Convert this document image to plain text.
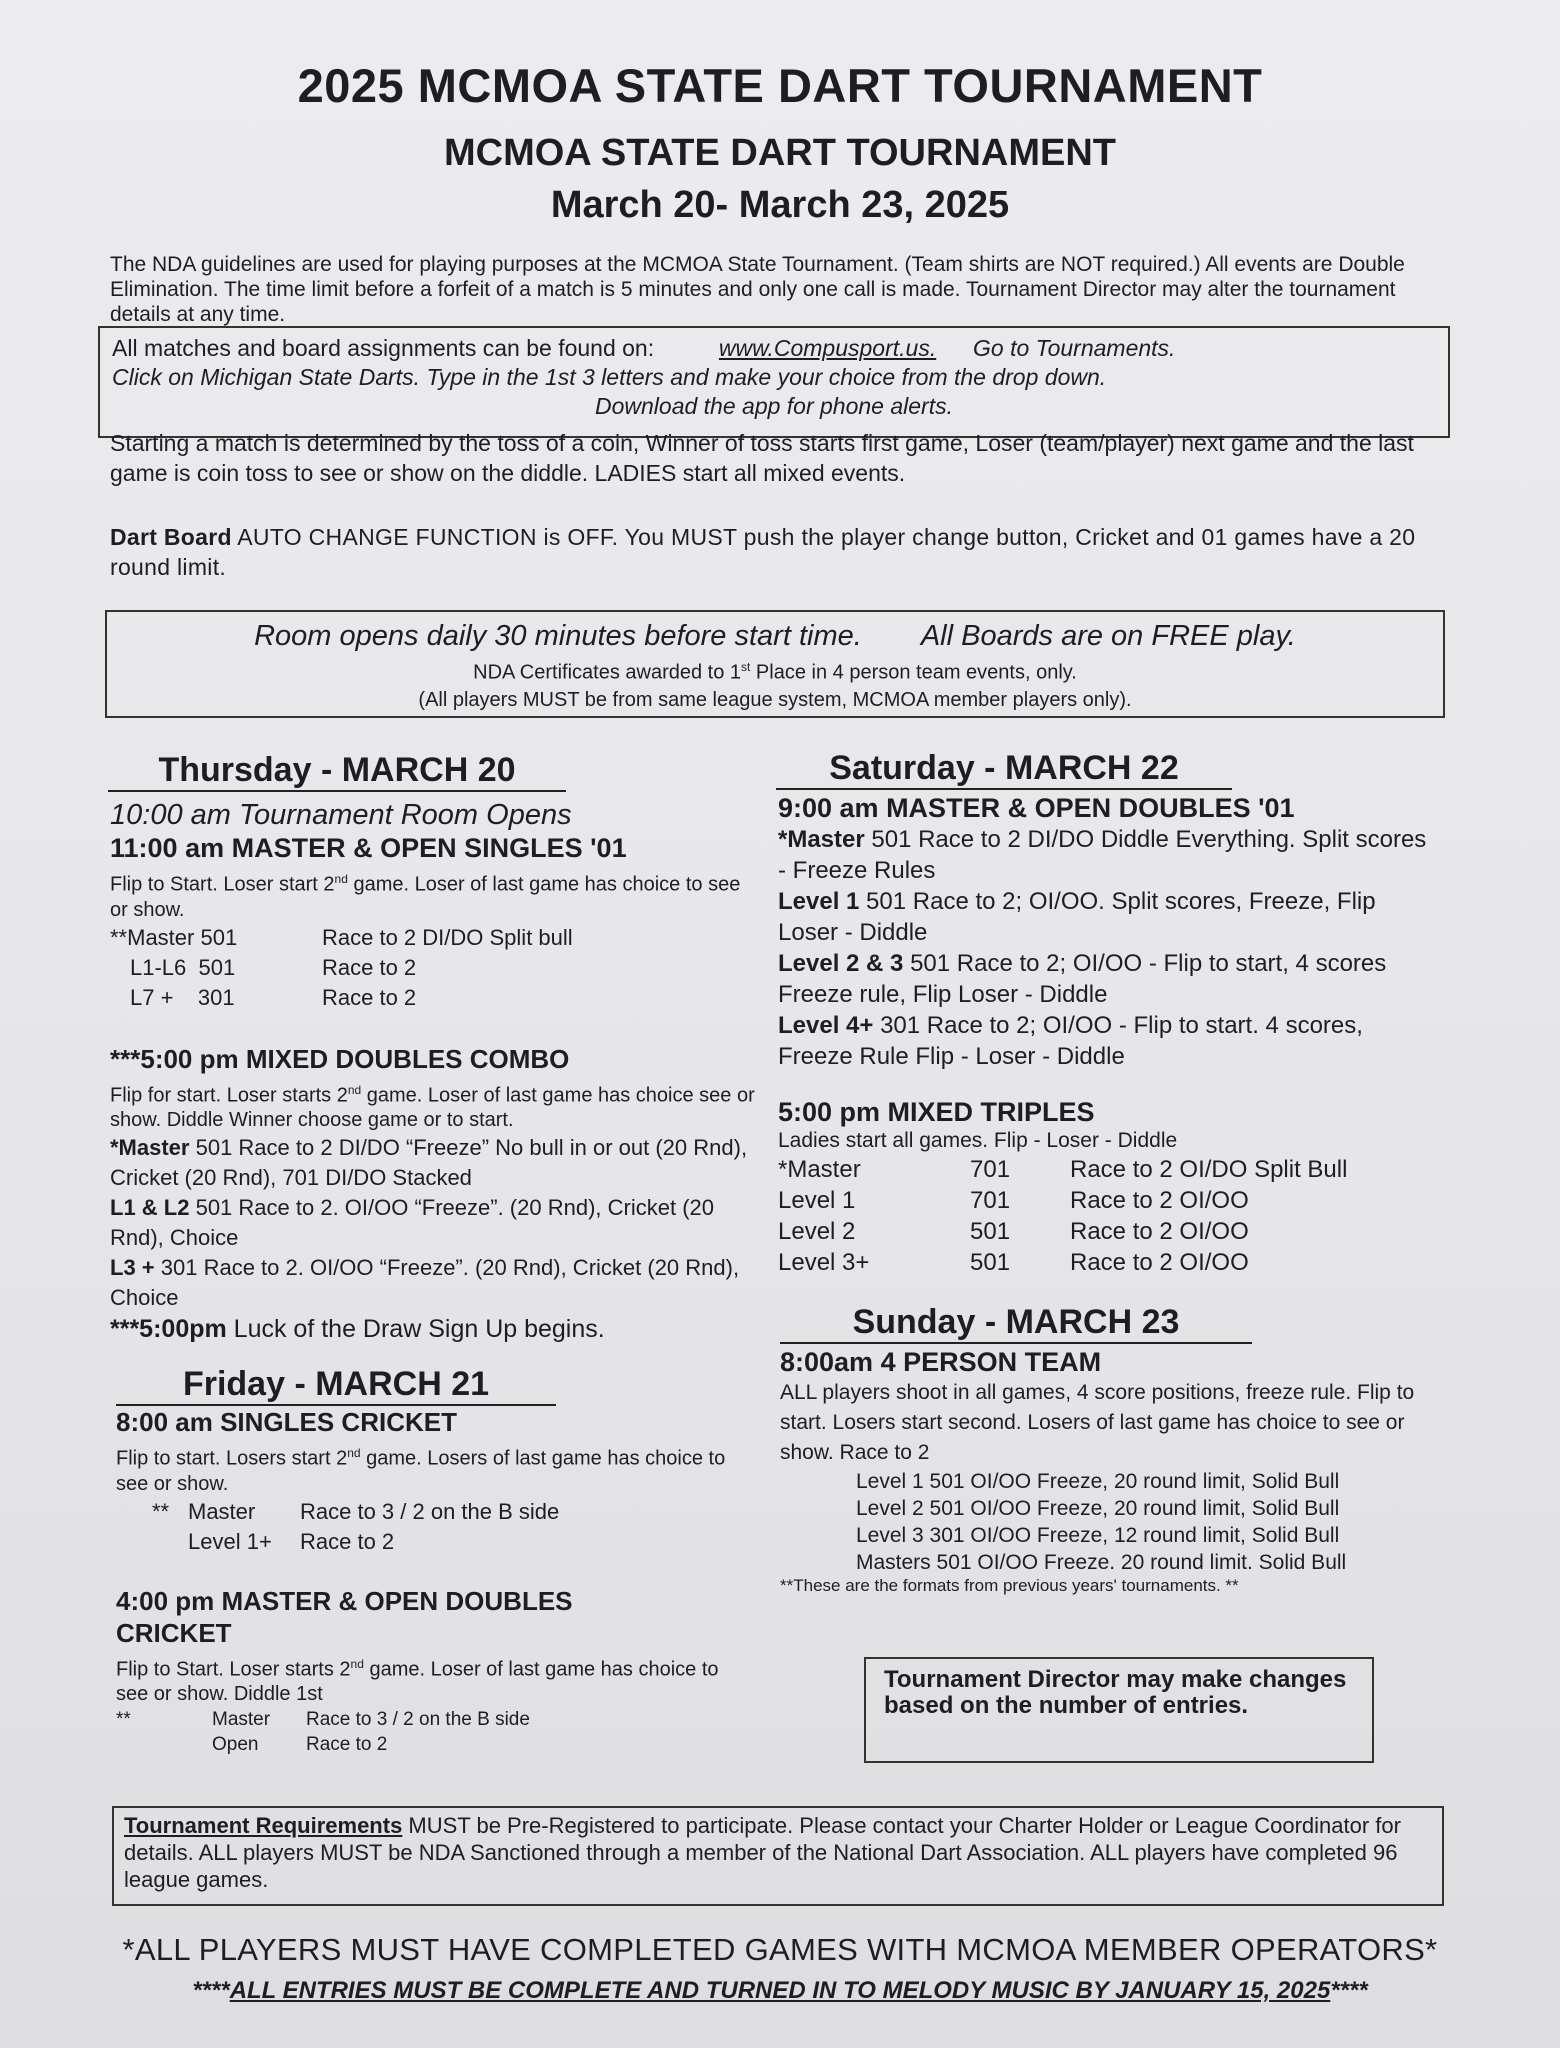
2025 MCMOA STATE DART TOURNAMENT
MCMOA STATE DART TOURNAMENT
March 20- March 23, 2025
The NDA guidelines are used for playing purposes at the MCMOA State Tournament. (Team shirts are NOT required.) All events are Double Elimination. The time limit before a forfeit of a match is 5 minutes and only one call is made. Tournament Director may alter the tournament details at any time.
All matches and board assignments can be found on:	www.Compusport.us. Go to Tournaments.
Click on Michigan State Darts. Type in the 1st 3 letters and make your choice from the drop down.
Download the app for phone alerts.
Starting a match is determined by the toss of a coin, Winner of toss starts first game, Loser (team/player) next game and the last game is coin toss to see or show on the diddle. LADIES start all mixed events.
Dart Board AUTO CHANGE FUNCTION is OFF. You MUST push the player change button, Cricket and 01 games have a 20 round limit.
Room opens daily 30 minutes before start time. All Boards are on FREE play.
NDA Certificates awarded to 1st Place in 4 person team events, only.
(All players MUST be from same league system, MCMOA member players only).
Thursday - MARCH 20
10:00 am Tournament Room Opens
11:00 am MASTER & OPEN SINGLES '01
Flip to Start. Loser start 2nd game. Loser of last game has choice to see or show.
**Master 501	Race to 2 DI/DO Split bull
L1-L6  501	Race to 2
L7 +    301	Race to 2
***5:00 pm MIXED DOUBLES COMBO
Flip for start. Loser starts 2nd game. Loser of last game has choice see or show. Diddle Winner choose game or to start.
*Master 501 Race to 2 DI/DO “Freeze” No bull in or out (20 Rnd), Cricket (20 Rnd), 701 DI/DO Stacked
L1 & L2 501 Race to 2. OI/OO “Freeze”. (20 Rnd), Cricket (20 Rnd), Choice
L3 + 301 Race to 2. OI/OO “Freeze”. (20 Rnd), Cricket (20 Rnd), Choice
***5:00pm Luck of the Draw Sign Up begins.
Friday - MARCH 21
8:00 am SINGLES CRICKET
Flip to start. Losers start 2nd game. Losers of last game has choice to see or show.
** Master	Race to 3 / 2 on the B side
Level 1+	Race to 2
4:00 pm MASTER & OPEN DOUBLES CRICKET
Flip to Start. Loser starts 2nd game. Loser of last game has choice to see or show. Diddle 1st
**	Master	Race to 3 / 2 on the B side
Open	Race to 2
Saturday - MARCH 22
9:00 am MASTER & OPEN DOUBLES '01
*Master 501 Race to 2 DI/DO Diddle Everything. Split scores - Freeze Rules
Level 1 501 Race to 2; OI/OO. Split scores, Freeze, Flip Loser - Diddle
Level 2 & 3 501 Race to 2; OI/OO - Flip to start, 4 scores Freeze rule, Flip Loser - Diddle
Level 4+ 301 Race to 2; OI/OO - Flip to start. 4 scores, Freeze Rule Flip - Loser - Diddle
5:00 pm MIXED TRIPLES
Ladies start all games. Flip - Loser - Diddle
*Master	701	Race to 2 OI/DO Split Bull
Level 1	701	Race to 2 OI/OO
Level 2	501	Race to 2 OI/OO
Level 3+	501	Race to 2 OI/OO
Sunday - MARCH 23
8:00am 4 PERSON TEAM
ALL players shoot in all games, 4 score positions, freeze rule. Flip to start. Losers start second. Losers of last game has choice to see or show. Race to 2
Level 1 501 OI/OO Freeze, 20 round limit, Solid Bull
Level 2 501 OI/OO Freeze, 20 round limit, Solid Bull
Level 3 301 OI/OO Freeze, 12 round limit, Solid Bull
Masters 501 OI/OO Freeze. 20 round limit. Solid Bull
**These are the formats from previous years' tournaments. **
Tournament Director may make changes based on the number of entries.
Tournament Requirements MUST be Pre-Registered to participate. Please contact your Charter Holder or League Coordinator for details. ALL players MUST be NDA Sanctioned through a member of the National Dart Association. ALL players have completed 96 league games.
*ALL PLAYERS MUST HAVE COMPLETED GAMES WITH MCMOA MEMBER OPERATORS*
****ALL ENTRIES MUST BE COMPLETE AND TURNED IN TO MELODY MUSIC BY JANUARY 15, 2025****
